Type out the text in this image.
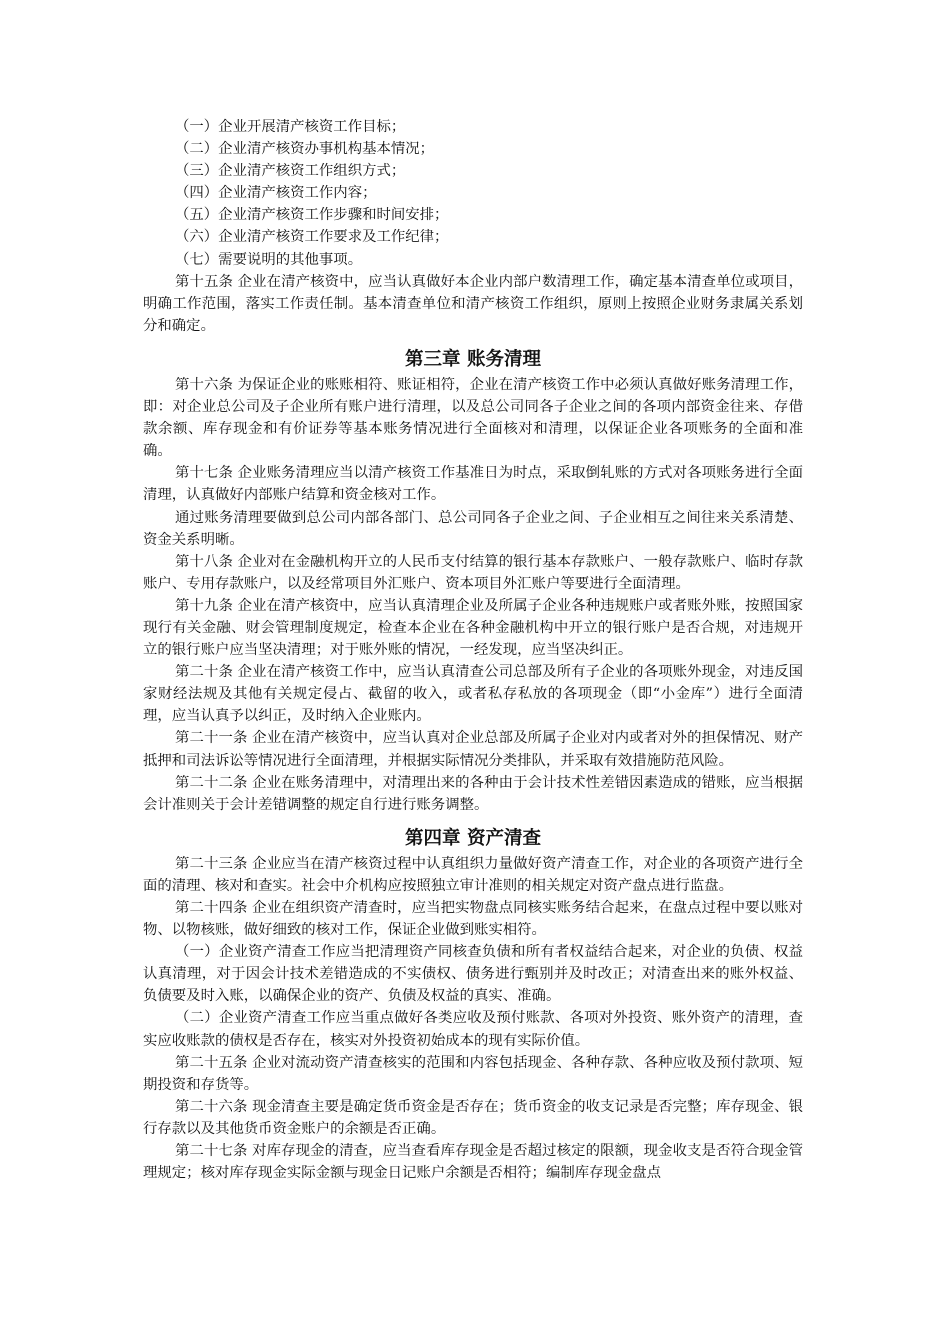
（一）企业开展清产核资工作目标；
（二）企业清产核资办事机构基本情况；
（三）企业清产核资工作组织方式；
（四）企业清产核资工作内容；
（五）企业清产核资工作步骤和时间安排；
（六）企业清产核资工作要求及工作纪律；
（七）需要说明的其他事项。

第十五条 企业在清产核资中，应当认真做好本企业内部户数清理工作，确定基本清查单位或项目，明确工作范围，落实工作责任制。基本清查单位和清产核资工作组织，原则上按照企业财务隶属关系划分和确定。

第三章 账务清理

第十六条 为保证企业的账账相符、账证相符，企业在清产核资工作中必须认真做好账务清理工作，即：对企业总公司及子企业所有账户进行清理，以及总公司同各子企业之间的各项内部资金往来、存借款余额、库存现金和有价证券等基本账务情况进行全面核对和清理，以保证企业各项账务的全面和准确。

第十七条 企业账务清理应当以清产核资工作基准日为时点，采取倒轧账的方式对各项账务进行全面清理，认真做好内部账户结算和资金核对工作。

通过账务清理要做到总公司内部各部门、总公司同各子企业之间、子企业相互之间往来关系清楚、资金关系明晰。

第十八条 企业对在金融机构开立的人民币支付结算的银行基本存款账户、一般存款账户、临时存款账户、专用存款账户，以及经常项目外汇账户、资本项目外汇账户等要进行全面清理。

第十九条 企业在清产核资中，应当认真清理企业及所属子企业各种违规账户或者账外账，按照国家现行有关金融、财会管理制度规定，检查本企业在各种金融机构中开立的银行账户是否合规，对违规开立的银行账户应当坚决清理；对于账外账的情况，一经发现，应当坚决纠正。

第二十条 企业在清产核资工作中，应当认真清查公司总部及所有子企业的各项账外现金，对违反国家财经法规及其他有关规定侵占、截留的收入，或者私存私放的各项现金（即“小金库”）进行全面清理，应当认真予以纠正，及时纳入企业账内。

第二十一条 企业在清产核资中，应当认真对企业总部及所属子企业对内或者对外的担保情况、财产抵押和司法诉讼等情况进行全面清理，并根据实际情况分类排队，并采取有效措施防范风险。

第二十二条 企业在账务清理中，对清理出来的各种由于会计技术性差错因素造成的错账，应当根据会计准则关于会计差错调整的规定自行进行账务调整。

第四章 资产清查

第二十三条 企业应当在清产核资过程中认真组织力量做好资产清查工作，对企业的各项资产进行全面的清理、核对和查实。社会中介机构应按照独立审计准则的相关规定对资产盘点进行监盘。

第二十四条 企业在组织资产清查时，应当把实物盘点同核实账务结合起来，在盘点过程中要以账对物、以物核账，做好细致的核对工作，保证企业做到账实相符。

（一）企业资产清查工作应当把清理资产同核查负债和所有者权益结合起来，对企业的负债、权益认真清理，对于因会计技术差错造成的不实债权、债务进行甄别并及时改正；对清查出来的账外权益、负债要及时入账，以确保企业的资产、负债及权益的真实、准确。

（二）企业资产清查工作应当重点做好各类应收及预付账款、各项对外投资、账外资产的清理，查实应收账款的债权是否存在，核实对外投资初始成本的现有实际价值。

第二十五条 企业对流动资产清查核实的范围和内容包括现金、各种存款、各种应收及预付款项、短期投资和存货等。

第二十六条 现金清查主要是确定货币资金是否存在；货币资金的收支记录是否完整；库存现金、银行存款以及其他货币资金账户的余额是否正确。

第二十七条 对库存现金的清查，应当查看库存现金是否超过核定的限额，现金收支是否符合现金管理规定；核对库存现金实际金额与现金日记账户余额是否相符；编制库存现金盘点
